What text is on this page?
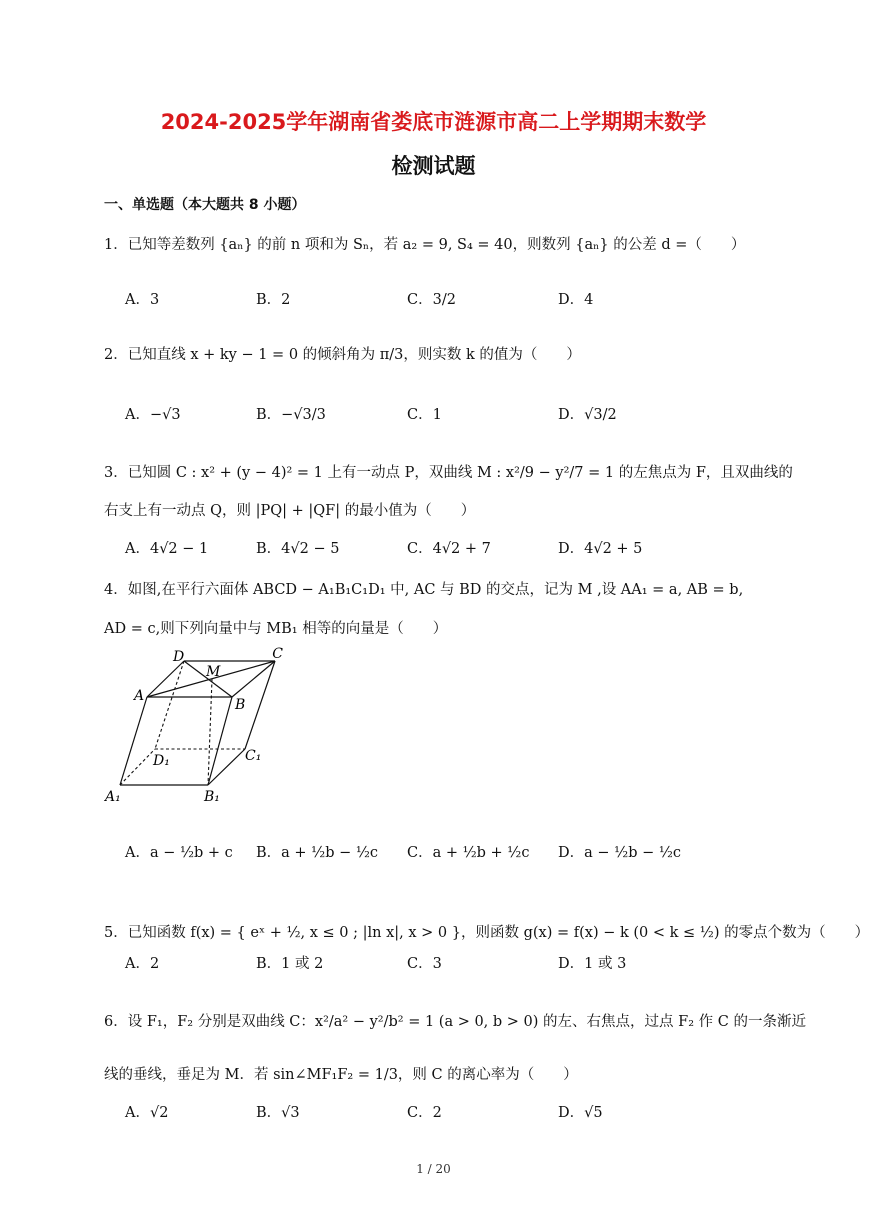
2024-2025学年湖南省娄底市涟源市高二上学期期末数学
检测试题
一、单选题（本大题共 8 小题）
1．已知等差数列 {aₙ} 的前 n 项和为 Sₙ，若 a₂ = 9, S₄ = 40，则数列 {aₙ} 的公差 d =（　　）
A．3	B．2	C．3/2	D．4
2．已知直线 x + ky − 1 = 0 的倾斜角为 π/3，则实数 k 的值为（　　）
A．−√3	B．−√3/3	C．1	D．√3/2
3．已知圆 C : x² + (y − 4)² = 1 上有一动点 P，双曲线 M : x²/9 − y²/7 = 1 的左焦点为 F，且双曲线的
右支上有一动点 Q，则 |PQ| + |QF| 的最小值为（　　）
A．4√2 − 1	B．4√2 − 5	C．4√2 + 7	D．4√2 + 5
4．如图,在平行六面体 ABCD − A₁B₁C₁D₁ 中, AC 与 BD 的交点，记为 M ,设 AA₁ = a, AB = b,
AD = c,则下列向量中与 MB₁ 相等的向量是（　　）
D
M
C
A
B
D₁	C₁
A₁	B₁
A．a − ½b + c B．a + ½b − ½c C．a + ½b + ½c D．a − ½b − ½c
5．已知函数 f(x) = { eˣ + ½, x ≤ 0 ; |ln x|, x > 0 }，则函数 g(x) = f(x) − k (0 < k ≤ ½) 的零点个数为（　　）
A．2	B．1 或 2	C．3	D．1 或 3
6．设 F₁，F₂ 分别是双曲线 C：x²/a² − y²/b² = 1 (a > 0, b > 0) 的左、右焦点，过点 F₂ 作 C 的一条渐近
线的垂线，垂足为 M．若 sin∠MF₁F₂ = 1/3，则 C 的离心率为（　　）
A．√2	B．√3	C．2	D．√5
1 / 20
